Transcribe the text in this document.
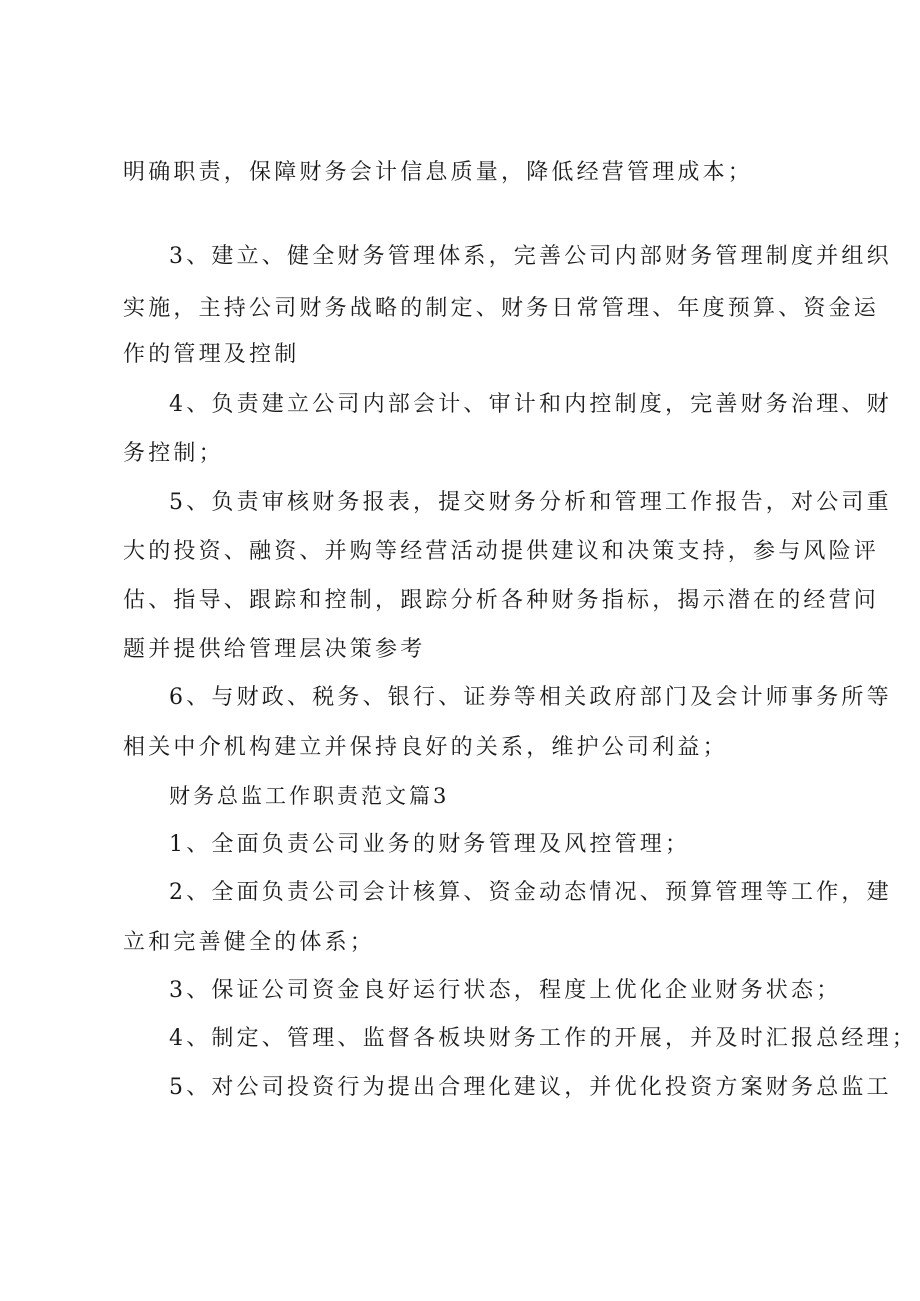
明确职责，保障财务会计信息质量，降低经营管理成本；
3、建立、健全财务管理体系，完善公司内部财务管理制度并组织
实施，主持公司财务战略的制定、财务日常管理、年度预算、资金运
作的管理及控制
4、负责建立公司内部会计、审计和内控制度，完善财务治理、财
务控制；
5、负责审核财务报表，提交财务分析和管理工作报告，对公司重
大的投资、融资、并购等经营活动提供建议和决策支持，参与风险评
估、指导、跟踪和控制，跟踪分析各种财务指标，揭示潜在的经营问
题并提供给管理层决策参考
6、与财政、税务、银行、证券等相关政府部门及会计师事务所等
相关中介机构建立并保持良好的关系，维护公司利益；
财务总监工作职责范文篇3
1、全面负责公司业务的财务管理及风控管理；
2、全面负责公司会计核算、资金动态情况、预算管理等工作，建
立和完善健全的体系；
3、保证公司资金良好运行状态，程度上优化企业财务状态；
4、制定、管理、监督各板块财务工作的开展，并及时汇报总经理；
5、对公司投资行为提出合理化建议，并优化投资方案财务总监工
